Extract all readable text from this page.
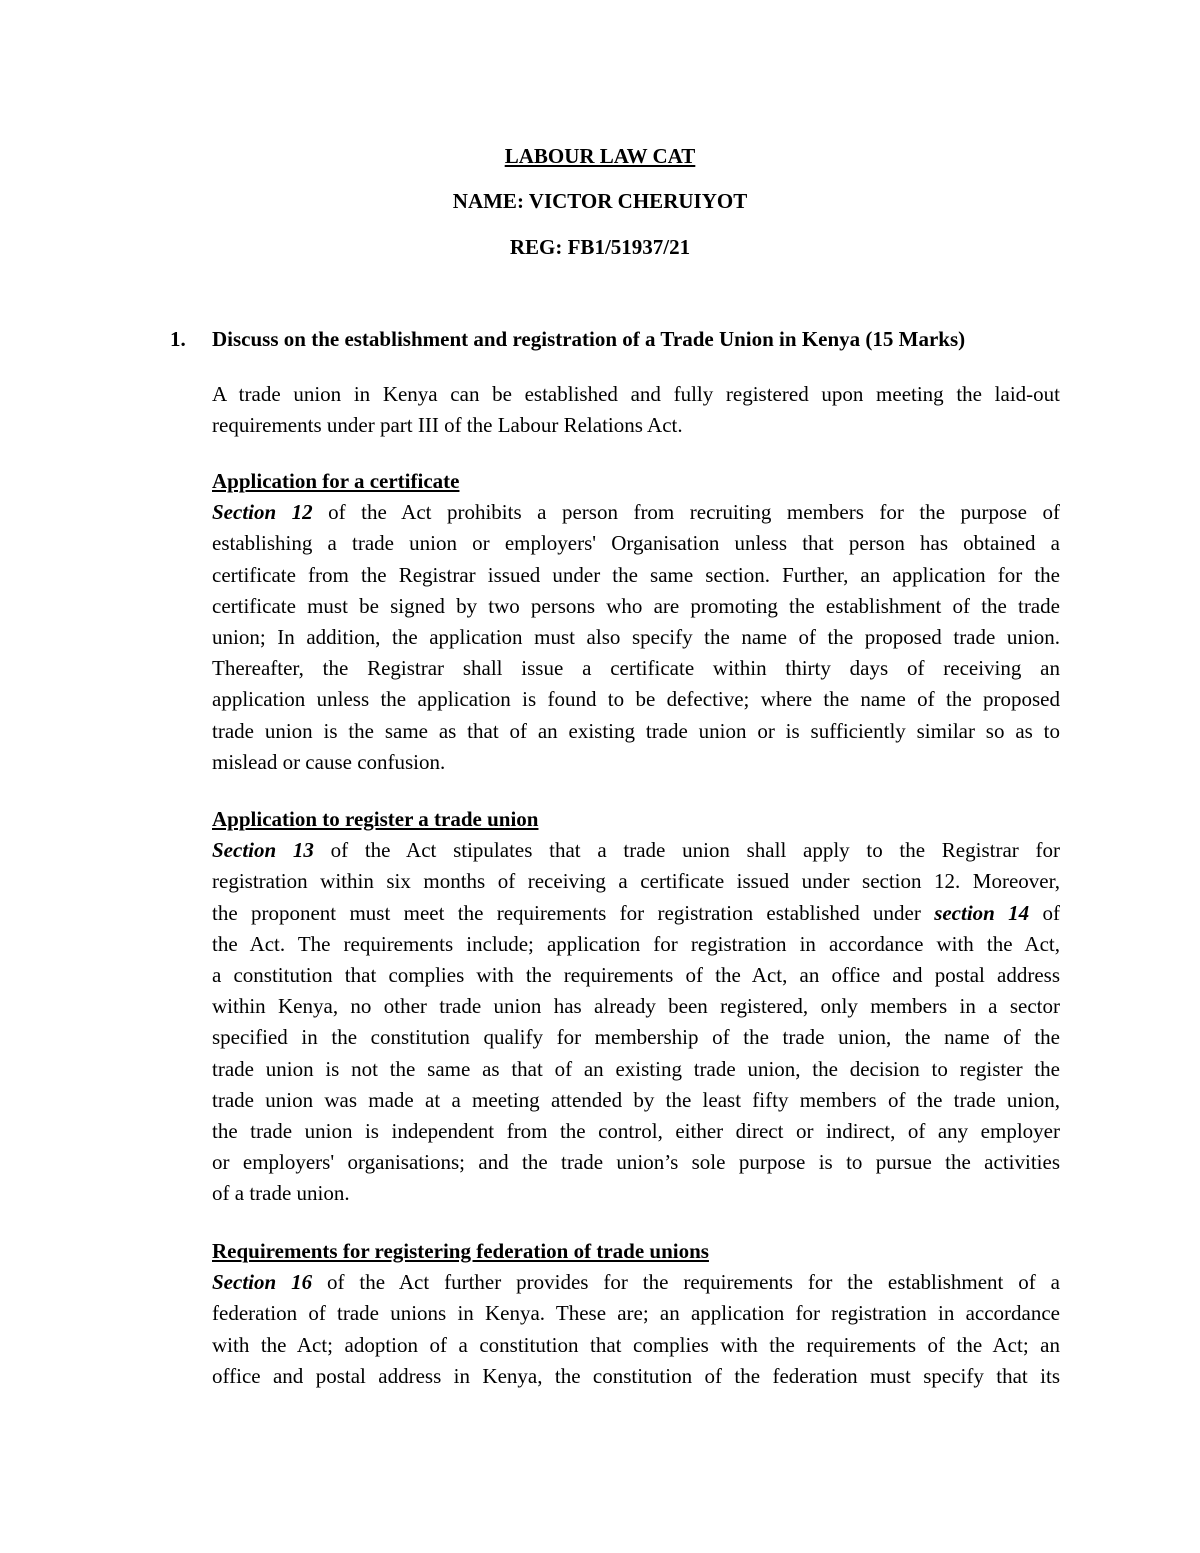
LABOUR LAW CAT
NAME: VICTOR CHERUIYOT
REG: FB1/51937/21
1. Discuss on the establishment and registration of a Trade Union in Kenya (15 Marks)
A trade union in Kenya can be established and fully registered upon meeting the laid-out
requirements under part III of the Labour Relations Act.
Application for a certificate
Section 12 of the Act prohibits a person from recruiting members for the purpose of
establishing a trade union or employers' Organisation unless that person has obtained a
certificate from the Registrar issued under the same section. Further, an application for the
certificate must be signed by two persons who are promoting the establishment of the trade
union; In addition, the application must also specify the name of the proposed trade union.
Thereafter, the Registrar shall issue a certificate within thirty days of receiving an
application unless the application is found to be defective; where the name of the proposed
trade union is the same as that of an existing trade union or is sufficiently similar so as to
mislead or cause confusion.
Application to register a trade union
Section 13 of the Act stipulates that a trade union shall apply to the Registrar for
registration within six months of receiving a certificate issued under section 12. Moreover,
the proponent must meet the requirements for registration established under section 14 of
the Act. The requirements include; application for registration in accordance with the Act,
a constitution that complies with the requirements of the Act, an office and postal address
within Kenya, no other trade union has already been registered, only members in a sector
specified in the constitution qualify for membership of the trade union, the name of the
trade union is not the same as that of an existing trade union, the decision to register the
trade union was made at a meeting attended by the least fifty members of the trade union,
the trade union is independent from the control, either direct or indirect, of any employer
or employers' organisations; and the trade union’s sole purpose is to pursue the activities
of a trade union.
Requirements for registering federation of trade unions
Section 16 of the Act further provides for the requirements for the establishment of a
federation of trade unions in Kenya. These are; an application for registration in accordance
with the Act; adoption of a constitution that complies with the requirements of the Act; an
office and postal address in Kenya, the constitution of the federation must specify that its
